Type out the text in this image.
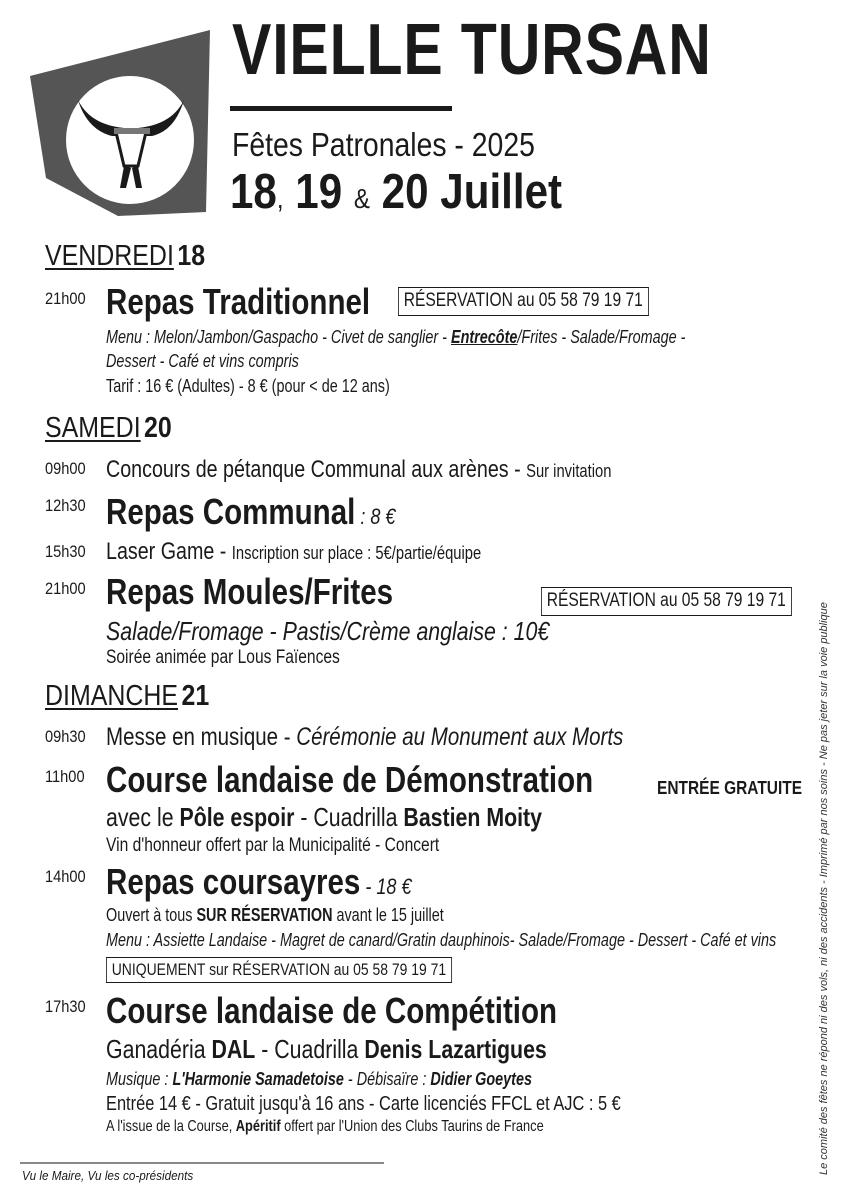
VIELLE TURSAN
Fêtes Patronales - 2025
18, 19 & 20 Juillet
VENDREDI 18
21h00 Repas Traditionnel	RÉSERVATION au 05 58 79 19 71
Menu : Melon/Jambon/Gaspacho - Civet de sanglier - Entrecôte/Frites - Salade/Fromage -
Dessert - Café et vins compris
Tarif : 16 € (Adultes) - 8 € (pour < de 12 ans)
SAMEDI 20
09h00 Concours de pétanque Communal aux arènes - Sur invitation
12h30 Repas Communal : 8 €
15h30 Laser Game - Inscription sur place : 5€/partie/équipe
21h00 Repas Moules/Frites	RÉSERVATION au 05 58 79 19 71
Salade/Fromage - Pastis/Crème anglaise : 10€
Soirée animée par Lous Faïences
DIMANCHE 21
09h30 Messe en musique - Cérémonie au Monument aux Morts
11h00 Course landaise de Démonstration	ENTRÉE GRATUITE
avec le Pôle espoir - Cuadrilla Bastien Moity
Vin d'honneur offert par la Municipalité - Concert
14h00 Repas coursayres - 18 €
Ouvert à tous SUR RÉSERVATION avant le 15 juillet
Menu : Assiette Landaise - Magret de canard/Gratin dauphinois- Salade/Fromage - Dessert - Café et vins
UNIQUEMENT sur RÉSERVATION au 05 58 79 19 71
17h30 Course landaise de Compétition
Ganadéria DAL - Cuadrilla Denis Lazartigues
Musique : L'Harmonie Samadetoise - Débisaïre : Didier Goeytes
Entrée 14 € - Gratuit jusqu'à 16 ans - Carte licenciés FFCL et AJC : 5 €
A l'issue de la Course, Apéritif offert par l'Union des Clubs Taurins de France
Vu le Maire, Vu les co-présidents
Le comité des fêtes ne répond ni des vols, ni des accidents - Imprimé par nos soins - Ne pas jeter sur la voie publique
